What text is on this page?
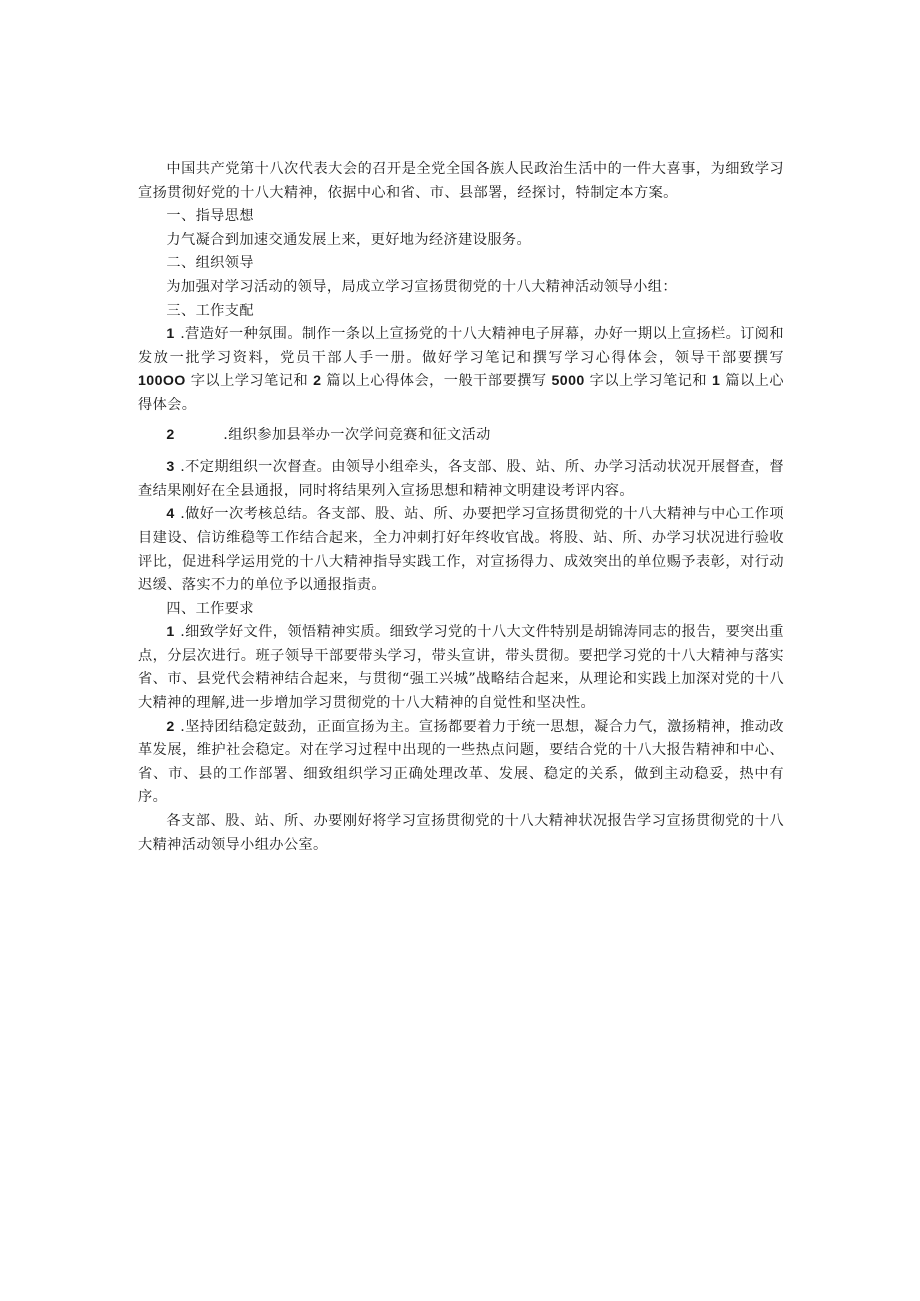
中国共产党第十八次代表大会的召开是全党全国各族人民政治生活中的一件大喜事，为细致学习宣扬贯彻好党的十八大精神，依据中心和省、市、县部署，经探讨，特制定本方案。

一、指导思想

力气凝合到加速交通发展上来，更好地为经济建设服务。

二、组织领导

为加强对学习活动的领导，局成立学习宣扬贯彻党的十八大精神活动领导小组：

三、工作支配

1 .营造好一种氛围。制作一条以上宣扬党的十八大精神电子屏幕，办好一期以上宣扬栏。订阅和发放一批学习资料，党员干部人手一册。做好学习笔记和撰写学习心得体会，领导干部要撰写 100OO 字以上学习笔记和 2 篇以上心得体会，一般干部要撰写 5000 字以上学习笔记和 1 篇以上心得体会。

2	.组织参加县举办一次学问竞赛和征文活动

3 .不定期组织一次督查。由领导小组牵头，各支部、股、站、所、办学习活动状况开展督查，督查结果刚好在全县通报，同时将结果列入宣扬思想和精神文明建设考评内容。

4 .做好一次考核总结。各支部、股、站、所、办要把学习宣扬贯彻党的十八大精神与中心工作项目建设、信访维稳等工作结合起来，全力冲刺打好年终收官战。将股、站、所、办学习状况进行验收评比，促进科学运用党的十八大精神指导实践工作，对宣扬得力、成效突出的单位赐予表彰，对行动迟缓、落实不力的单位予以通报指责。

四、工作要求

1 .细致学好文件，领悟精神实质。细致学习党的十八大文件特别是胡锦涛同志的报告，要突出重点，分层次进行。班子领导干部要带头学习，带头宣讲，带头贯彻。要把学习党的十八大精神与落实省、市、县党代会精神结合起来，与贯彻“强工兴城”战略结合起来，从理论和实践上加深对党的十八大精神的理解,进一步增加学习贯彻党的十八大精神的自觉性和坚决性。

2 .坚持团结稳定鼓劲，正面宣扬为主。宣扬都要着力于统一思想，凝合力气，激扬精神，推动改革发展，维护社会稳定。对在学习过程中出现的一些热点问题，要结合党的十八大报告精神和中心、省、市、县的工作部署、细致组织学习正确处理改革、发展、稳定的关系，做到主动稳妥，热中有序。

各支部、股、站、所、办要刚好将学习宣扬贯彻党的十八大精神状况报告学习宣扬贯彻党的十八大精神活动领导小组办公室。
